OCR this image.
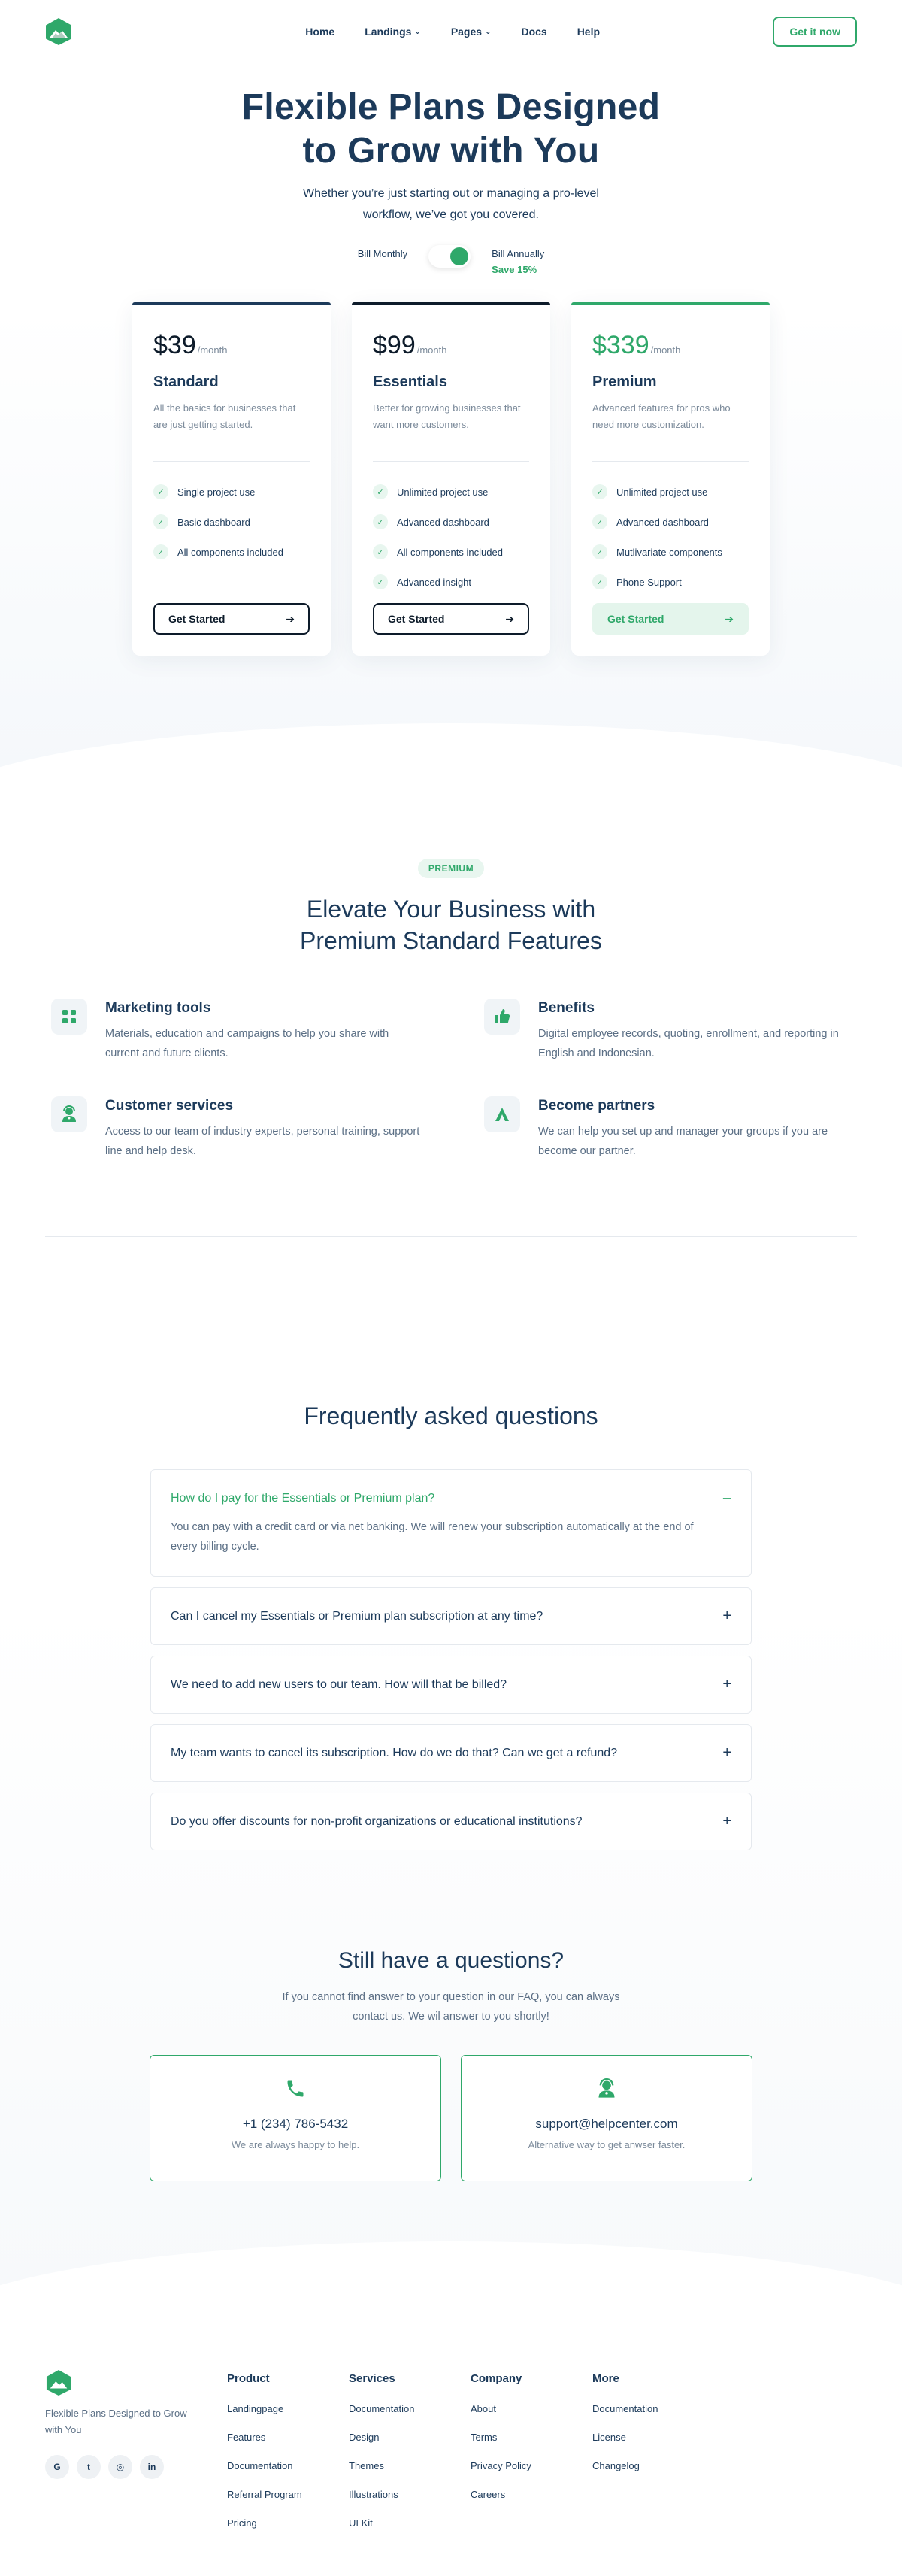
Home	Landings ⌄	Pages ⌄	Docs	Help	Get it now
Flexible Plans Designed
to Grow with You

Whether you’re just starting out or managing a pro-level
workflow, we’ve got you covered.

Bill Monthly	Bill Annually
Save 15%
$39 /month
Standard
All the basics for businesses that are just getting started.
✓	Single project use
✓	Basic dashboard
✓	All components included
Get Started	➔
$99 /month
Essentials
Better for growing businesses that want more customers.
✓	Unlimited project use
✓	Advanced dashboard
✓	All components included
✓	Advanced insight
Get Started	➔
$339 /month
Premium
Advanced features for pros who need more customization.
✓	Unlimited project use
✓	Advanced dashboard
✓	Mutlivariate components
✓	Phone Support
Get Started	➔
PREMIUM
Elevate Your Business with
Premium Standard Features
Marketing tools
Materials, education and campaigns to help you share with current and future clients.
Benefits
Digital employee records, quoting, enrollment, and reporting in English and Indonesian.
Customer services
Access to our team of industry experts, personal training, support line and help desk.
Become partners
We can help you set up and manager your groups if you are become our partner.
Frequently asked questions
How do I pay for the Essentials or Premium plan?	–
You can pay with a credit card or via net banking. We will renew your subscription automatically at the end of every billing cycle.
Can I cancel my Essentials or Premium plan subscription at any time?	+
We need to add new users to our team. How will that be billed?	+
My team wants to cancel its subscription. How do we do that? Can we get a refund?	+
Do you offer discounts for non-profit organizations or educational institutions?	+
Still have a questions?

If you cannot find answer to your question in our FAQ, you can always
contact us. We wil answer to you shortly!

+1 (234) 786-5432
We are always happy to help.
support@helpcenter.com
Alternative way to get anwser faster.
Flexible Plans Designed to Grow with You
G	t	◎	in
Product
Landingpage
Features
Documentation
Referral Program
Pricing
Services
Documentation
Design
Themes
Illustrations
UI Kit
Company
About
Terms
Privacy Policy
Careers
More
Documentation
License
Changelog
